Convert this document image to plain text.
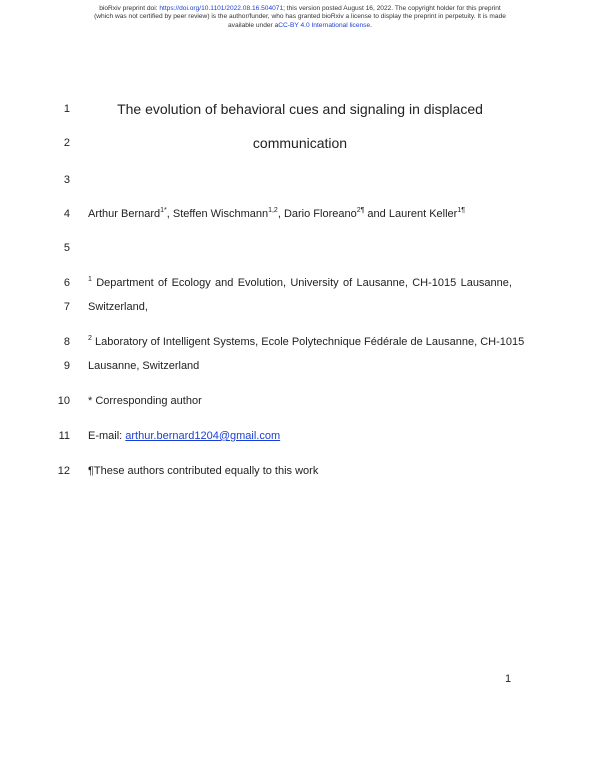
bioRxiv preprint doi: https://doi.org/10.1101/2022.08.16.504071; this version posted August 16, 2022. The copyright holder for this preprint
(which was not certified by peer review) is the author/funder, who has granted bioRxiv a license to display the preprint in perpetuity. It is made
available under aCC-BY 4.0 International license.
1
2
3
4
5
6
7
8
9
10
11
12
The evolution of behavioral cues and signaling in displaced
communication
Arthur Bernard$^{1*}$, Steffen Wischmann$^{1,2}$, Dario Floreano$^{2\P}$ and Laurent Keller$^{1\P}$
$^1$ Department of Ecology and Evolution, University of Lausanne, CH-1015 Lausanne,
Switzerland,
$^2$ Laboratory of Intelligent Systems, Ecole Polytechnique Fédérale de Lausanne, CH-1015
Lausanne, Switzerland
* Corresponding author
E-mail: arthur.bernard1204@gmail.com
¶These authors contributed equally to this work
1
